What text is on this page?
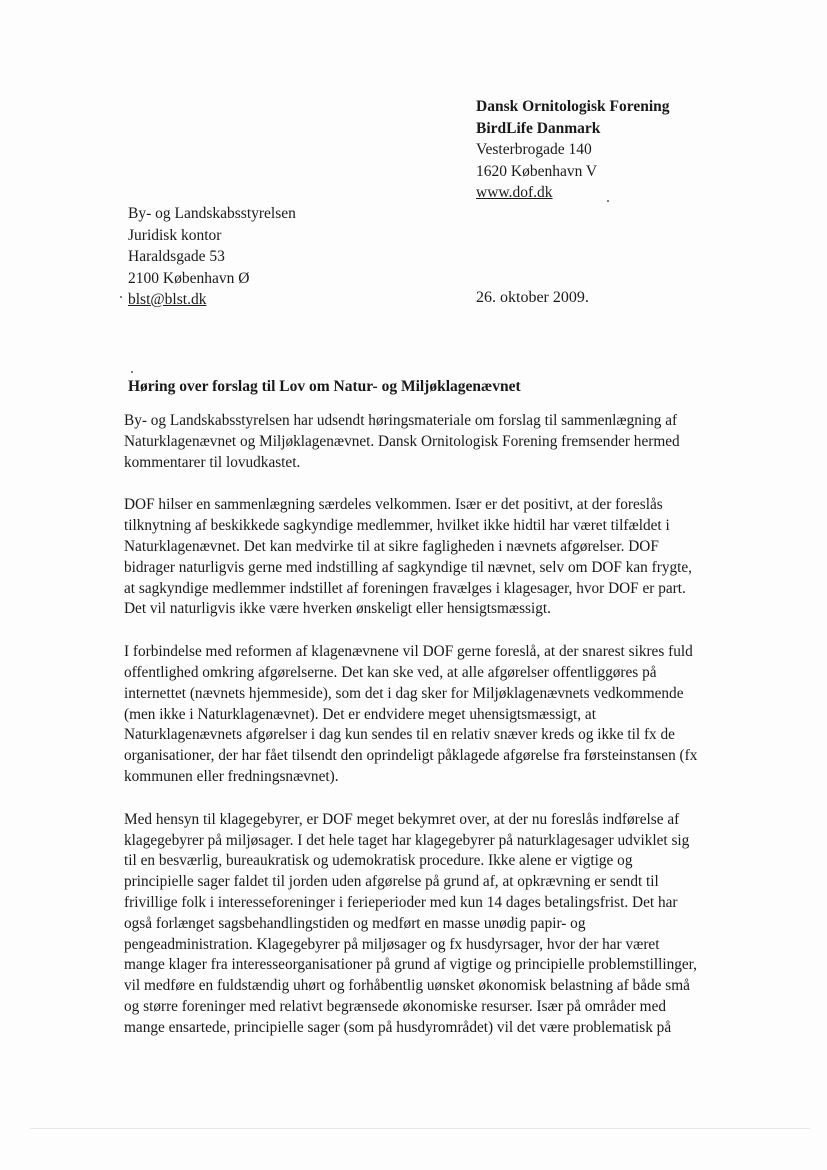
Dansk Ornitologisk Forening
BirdLife Danmark
Vesterbrogade 140
1620 København V
www.dof.dk
By- og Landskabsstyrelsen
Juridisk kontor
Haraldsgade 53
2100 København Ø
blst@blst.dk	26. oktober 2009.
Høring over forslag til Lov om Natur- og Miljøklagenævnet

By- og Landskabsstyrelsen har udsendt høringsmateriale om forslag til sammenlægning af
Naturklagenævnet og Miljøklagenævnet. Dansk Ornitologisk Forening fremsender hermed
kommentarer til lovudkastet.

DOF hilser en sammenlægning særdeles velkommen. Især er det positivt, at der foreslås
tilknytning af beskikkede sagkyndige medlemmer, hvilket ikke hidtil har været tilfældet i
Naturklagenævnet. Det kan medvirke til at sikre fagligheden i nævnets afgørelser. DOF
bidrager naturligvis gerne med indstilling af sagkyndige til nævnet, selv om DOF kan frygte,
at sagkyndige medlemmer indstillet af foreningen fravælges i klagesager, hvor DOF er part.
Det vil naturligvis ikke være hverken ønskeligt eller hensigtsmæssigt.

I forbindelse med reformen af klagenævnene vil DOF gerne foreslå, at der snarest sikres fuld
offentlighed omkring afgørelserne. Det kan ske ved, at alle afgørelser offentliggøres på
internettet (nævnets hjemmeside), som det i dag sker for Miljøklagenævnets vedkommende
(men ikke i Naturklagenævnet). Det er endvidere meget uhensigtsmæssigt, at
Naturklagenævnets afgørelser i dag kun sendes til en relativ snæver kreds og ikke til fx de
organisationer, der har fået tilsendt den oprindeligt påklagede afgørelse fra førsteinstansen (fx
kommunen eller fredningsnævnet).

Med hensyn til klagegebyrer, er DOF meget bekymret over, at der nu foreslås indførelse af
klagegebyrer på miljøsager. I det hele taget har klagegebyrer på naturklagesager udviklet sig
til en besværlig, bureaukratisk og udemokratisk procedure. Ikke alene er vigtige og
principielle sager faldet til jorden uden afgørelse på grund af, at opkrævning er sendt til
frivillige folk i interesseforeninger i ferieperioder med kun 14 dages betalingsfrist. Det har
også forlænget sagsbehandlingstiden og medført en masse unødig papir- og
pengeadministration. Klagegebyrer på miljøsager og fx husdyrsager, hvor der har været
mange klager fra interesseorganisationer på grund af vigtige og principielle problemstillinger,
vil medføre en fuldstændig uhørt og forhåbentlig uønsket økonomisk belastning af både små
og større foreninger med relativt begrænsede økonomiske resurser. Især på områder med
mange ensartede, principielle sager (som på husdyrområdet) vil det være problematisk på
